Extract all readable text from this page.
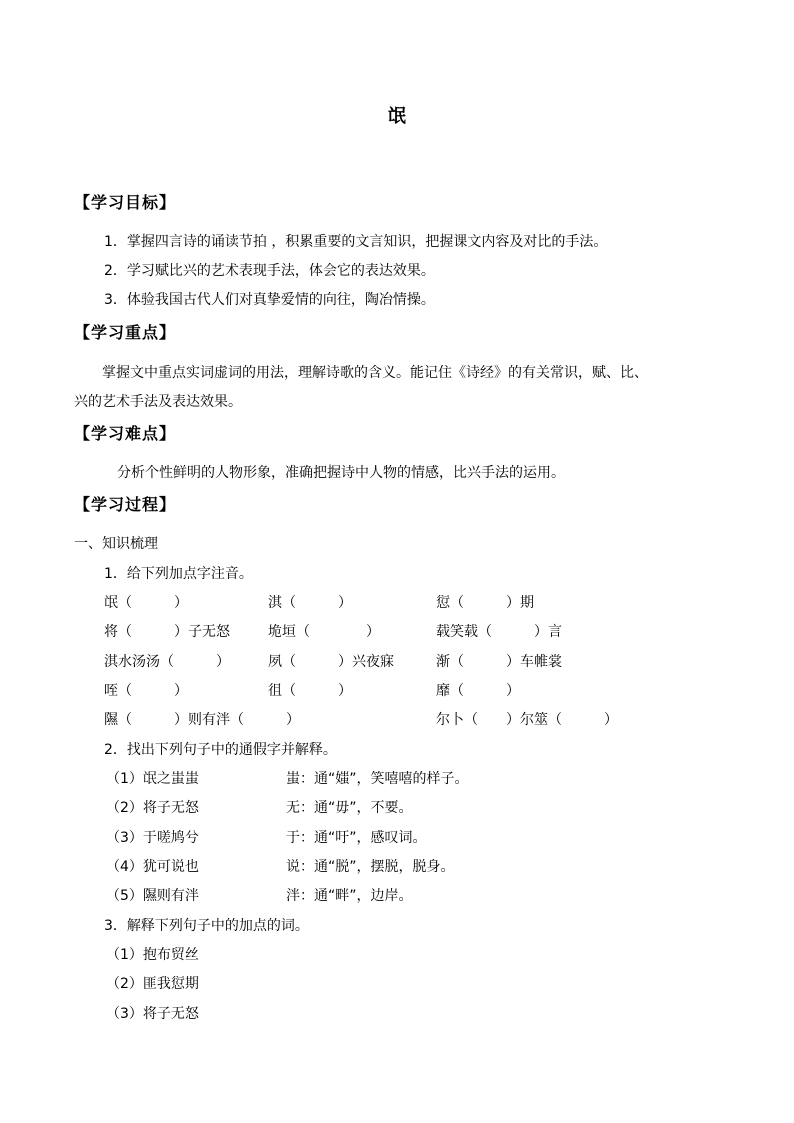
氓
【学习目标】
1．掌握四言诗的诵读节拍 ，积累重要的文言知识，把握课文内容及对比的手法。
2．学习赋比兴的艺术表现手法，体会它的表达效果。
3．体验我国古代人们对真挚爱情的向往，陶冶情操。
【学习重点】
掌握文中重点实词虚词的用法，理解诗歌的含义。能记住《诗经》的有关常识，赋、比、
兴的艺术手法及表达效果。
【学习难点】
分析个性鲜明的人物形象，准确把握诗中人物的情感，比兴手法的运用。
【学习过程】
一、知识梳理
1．给下列加点字注音。
氓（　　　）	淇（　　　）	愆（　　　）期
将（　　　）子无怒	垝垣（　　　　）	载笑载（　　　）言
淇水汤汤（　　　）	夙（　　　）兴夜寐	渐（　　　）车帷裳
咥（　　　）	徂（　　　）	靡（　　　）
隰（　　　）则有泮（　　　）	尔卜（　　）尔筮（　　　）
2．找出下列句子中的通假字并解释。
（1）氓之蚩蚩	蚩：通“媸”，笑嘻嘻的样子。
（2）将子无怒	无：通“毋”，不要。
（3）于嗟鸠兮	于：通“吁”，感叹词。
（4）犹可说也	说：通“脱”，摆脱，脱身。
（5）隰则有泮	泮：通“畔”，边岸。
3．解释下列句子中的加点的词。
（1）抱布贸丝
（2）匪我愆期
（3）将子无怒
